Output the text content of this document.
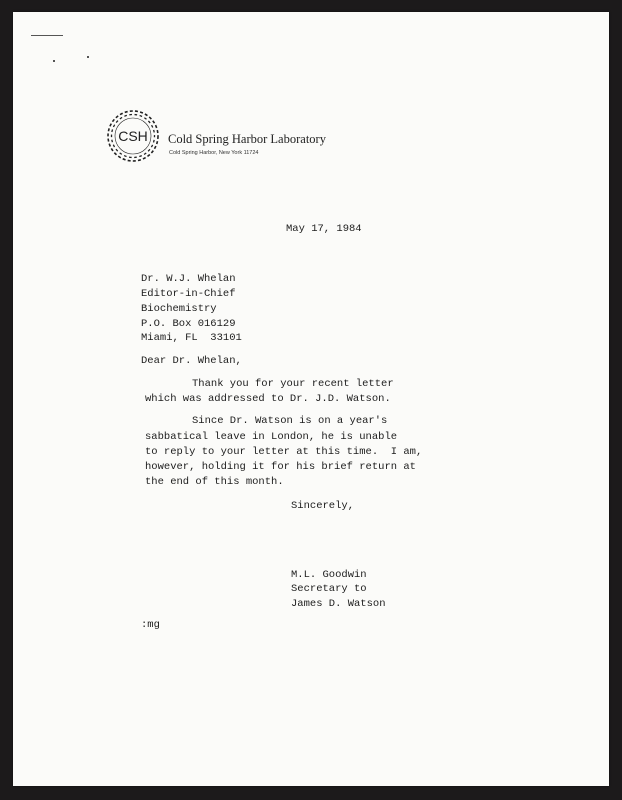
CSH Cold Spring Harbor Laboratory
Cold Spring Harbor, New York 11724
May 17, 1984
Dr. W.J. Whelan
Editor-in-Chief
Biochemistry
P.O. Box 016129
Miami, FL  33101
Dear Dr. Whelan,
Thank you for your recent letter
which was addressed to Dr. J.D. Watson.
Since Dr. Watson is on a year's
sabbatical leave in London, he is unable
to reply to your letter at this time.  I am,
however, holding it for his brief return at
the end of this month.
Sincerely,
M.L. Goodwin
Secretary to
James D. Watson
:mg
